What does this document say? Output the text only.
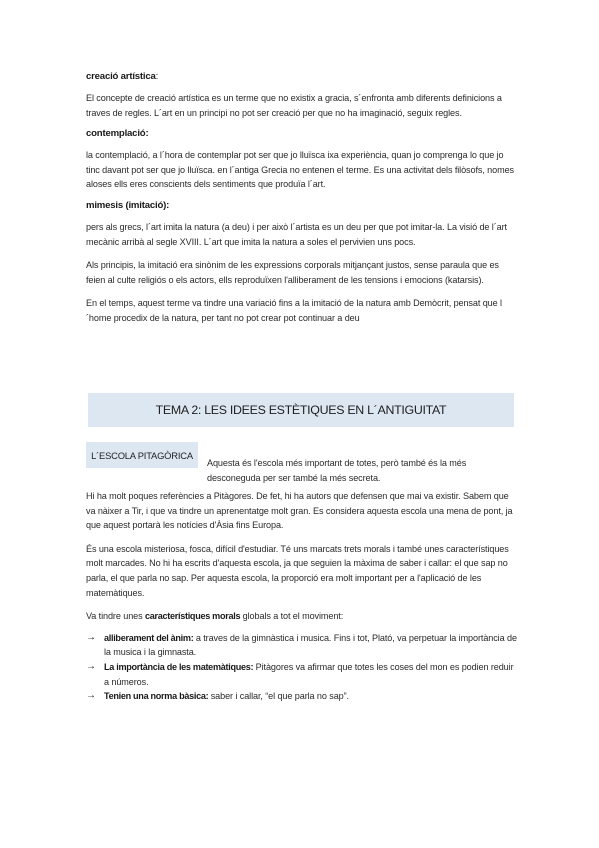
creació artística:

El concepte de creació artística es un terme que no existix a gracia, s´enfronta amb diferents definicions a traves de regles. L´art en un principi no pot ser creació per que no ha imaginació, seguix regles.

contemplació:

la contemplació, a l´hora de contemplar pot ser que jo lluïsca ixa experiència, quan jo comprenga lo que jo tinc davant pot ser que jo lluïsca. en l´antiga Grecia no entenen el terme. Es una activitat dels filòsofs, nomes aloses ells eres conscients dels sentiments que produïa l´art.

mimesis (imitació):

pers als grecs, l´art imita la natura (a deu) i per això l´artista es un deu per que pot imitar-la. La visió de l´art mecànic arribà al segle XVIII. L´art que imita la natura a soles el pervivien uns pocs.

Als principis, la imitació era sinònim de les expressions corporals mitjançant justos, sense paraula que es feien al culte religiós o els actors, ells reproduïxen l'alliberament de les tensions i emocions (katarsis).

En el temps, aquest terme va tindre una variació fins a la imitació de la natura amb Demòcrit, pensat que l´home procedix de la natura, per tant no pot crear pot continuar a deu

TEMA 2: LES IDEES ESTÈTIQUES EN L´ANTIGUITAT
L´ESCOLA PITAGÒRICA

Aquesta és l'escola més important de totes, però també és la més desconeguda per ser també la més secreta.

Hi ha molt poques referències a Pitàgores. De fet, hi ha autors que defensen que mai va existir. Sabem que va nàixer a Tir, i que va tindre un aprenentatge molt gran. Es considera aquesta escola una mena de pont, ja que aquest portarà les notícies d'Àsia fins Europa.

És una escola misteriosa, fosca, difícil d'estudiar. Té uns marcats trets morals i també unes característiques molt marcades. No hi ha escrits d'aquesta escola, ja que seguien la màxima de saber i callar: el que sap no parla, el que parla no sap. Per aquesta escola, la proporció era molt important per a l'aplicació de les matemàtiques.

Va tindre unes característiques morals globals a tot el moviment:

→ alliberament del ànim: a traves de la gimnàstica i musica. Fins i tot, Plató, va perpetuar la importància de la musica i la gimnasta.
→ La importància de les matemàtiques: Pitàgores va afirmar que totes les coses del mon es podien reduir a números.
→ Tenien una norma bàsica: saber i callar, “el que parla no sap”.
